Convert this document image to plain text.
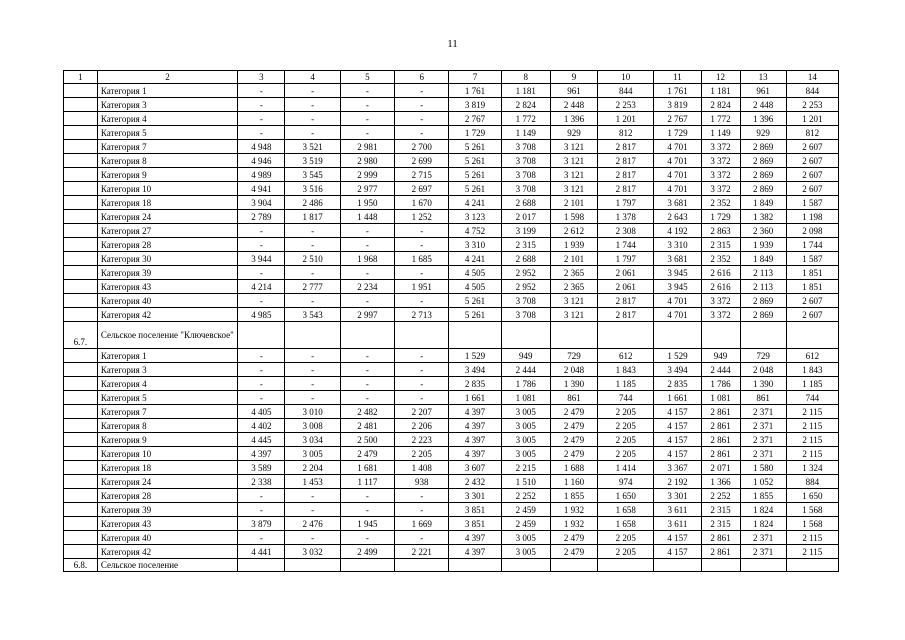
11
1	2	3	4	5	6	7	8	9	10	11	12	13	14
	Категория 1	-	-	-	-	1 761	1 181	961	844	1 761	1 181	961	844
	Категория 3	-	-	-	-	3 819	2 824	2 448	2 253	3 819	2 824	2 448	2 253
	Категория 4	-	-	-	-	2 767	1 772	1 396	1 201	2 767	1 772	1 396	1 201
	Категория 5	-	-	-	-	1 729	1 149	929	812	1 729	1 149	929	812
	Категория 7	4 948	3 521	2 981	2 700	5 261	3 708	3 121	2 817	4 701	3 372	2 869	2 607
	Категория 8	4 946	3 519	2 980	2 699	5 261	3 708	3 121	2 817	4 701	3 372	2 869	2 607
	Категория 9	4 989	3 545	2 999	2 715	5 261	3 708	3 121	2 817	4 701	3 372	2 869	2 607
	Категория 10	4 941	3 516	2 977	2 697	5 261	3 708	3 121	2 817	4 701	3 372	2 869	2 607
	Категория 18	3 904	2 486	1 950	1 670	4 241	2 688	2 101	1 797	3 681	2 352	1 849	1 587
	Категория 24	2 789	1 817	1 448	1 252	3 123	2 017	1 598	1 378	2 643	1 729	1 382	1 198
	Категория 27	-	-	-	-	4 752	3 199	2 612	2 308	4 192	2 863	2 360	2 098
	Категория 28	-	-	-	-	3 310	2 315	1 939	1 744	3 310	2 315	1 939	1 744
	Категория 30	3 944	2 510	1 968	1 685	4 241	2 688	2 101	1 797	3 681	2 352	1 849	1 587
	Категория 39	-	-	-	-	4 505	2 952	2 365	2 061	3 945	2 616	2 113	1 851
	Категория 43	4 214	2 777	2 234	1 951	4 505	2 952	2 365	2 061	3 945	2 616	2 113	1 851
	Категория 40	-	-	-	-	5 261	3 708	3 121	2 817	4 701	3 372	2 869	2 607
	Категория 42	4 985	3 543	2 997	2 713	5 261	3 708	3 121	2 817	4 701	3 372	2 869	2 607
6.7.	Сельское поселение "Ключевское"												
	Категория 1	-	-	-	-	1 529	949	729	612	1 529	949	729	612
	Категория 3	-	-	-	-	3 494	2 444	2 048	1 843	3 494	2 444	2 048	1 843
	Категория 4	-	-	-	-	2 835	1 786	1 390	1 185	2 835	1 786	1 390	1 185
	Категория 5	-	-	-	-	1 661	1 081	861	744	1 661	1 081	861	744
	Категория 7	4 405	3 010	2 482	2 207	4 397	3 005	2 479	2 205	4 157	2 861	2 371	2 115
	Категория 8	4 402	3 008	2 481	2 206	4 397	3 005	2 479	2 205	4 157	2 861	2 371	2 115
	Категория 9	4 445	3 034	2 500	2 223	4 397	3 005	2 479	2 205	4 157	2 861	2 371	2 115
	Категория 10	4 397	3 005	2 479	2 205	4 397	3 005	2 479	2 205	4 157	2 861	2 371	2 115
	Категория 18	3 589	2 204	1 681	1 408	3 607	2 215	1 688	1 414	3 367	2 071	1 580	1 324
	Категория 24	2 338	1 453	1 117	938	2 432	1 510	1 160	974	2 192	1 366	1 052	884
	Категория 28	-	-	-	-	3 301	2 252	1 855	1 650	3 301	2 252	1 855	1 650
	Категория 39	-	-	-	-	3 851	2 459	1 932	1 658	3 611	2 315	1 824	1 568
	Категория 43	3 879	2 476	1 945	1 669	3 851	2 459	1 932	1 658	3 611	2 315	1 824	1 568
	Категория 40	-	-	-	-	4 397	3 005	2 479	2 205	4 157	2 861	2 371	2 115
	Категория 42	4 441	3 032	2 499	2 221	4 397	3 005	2 479	2 205	4 157	2 861	2 371	2 115
6.8.	Сельское поселение												
